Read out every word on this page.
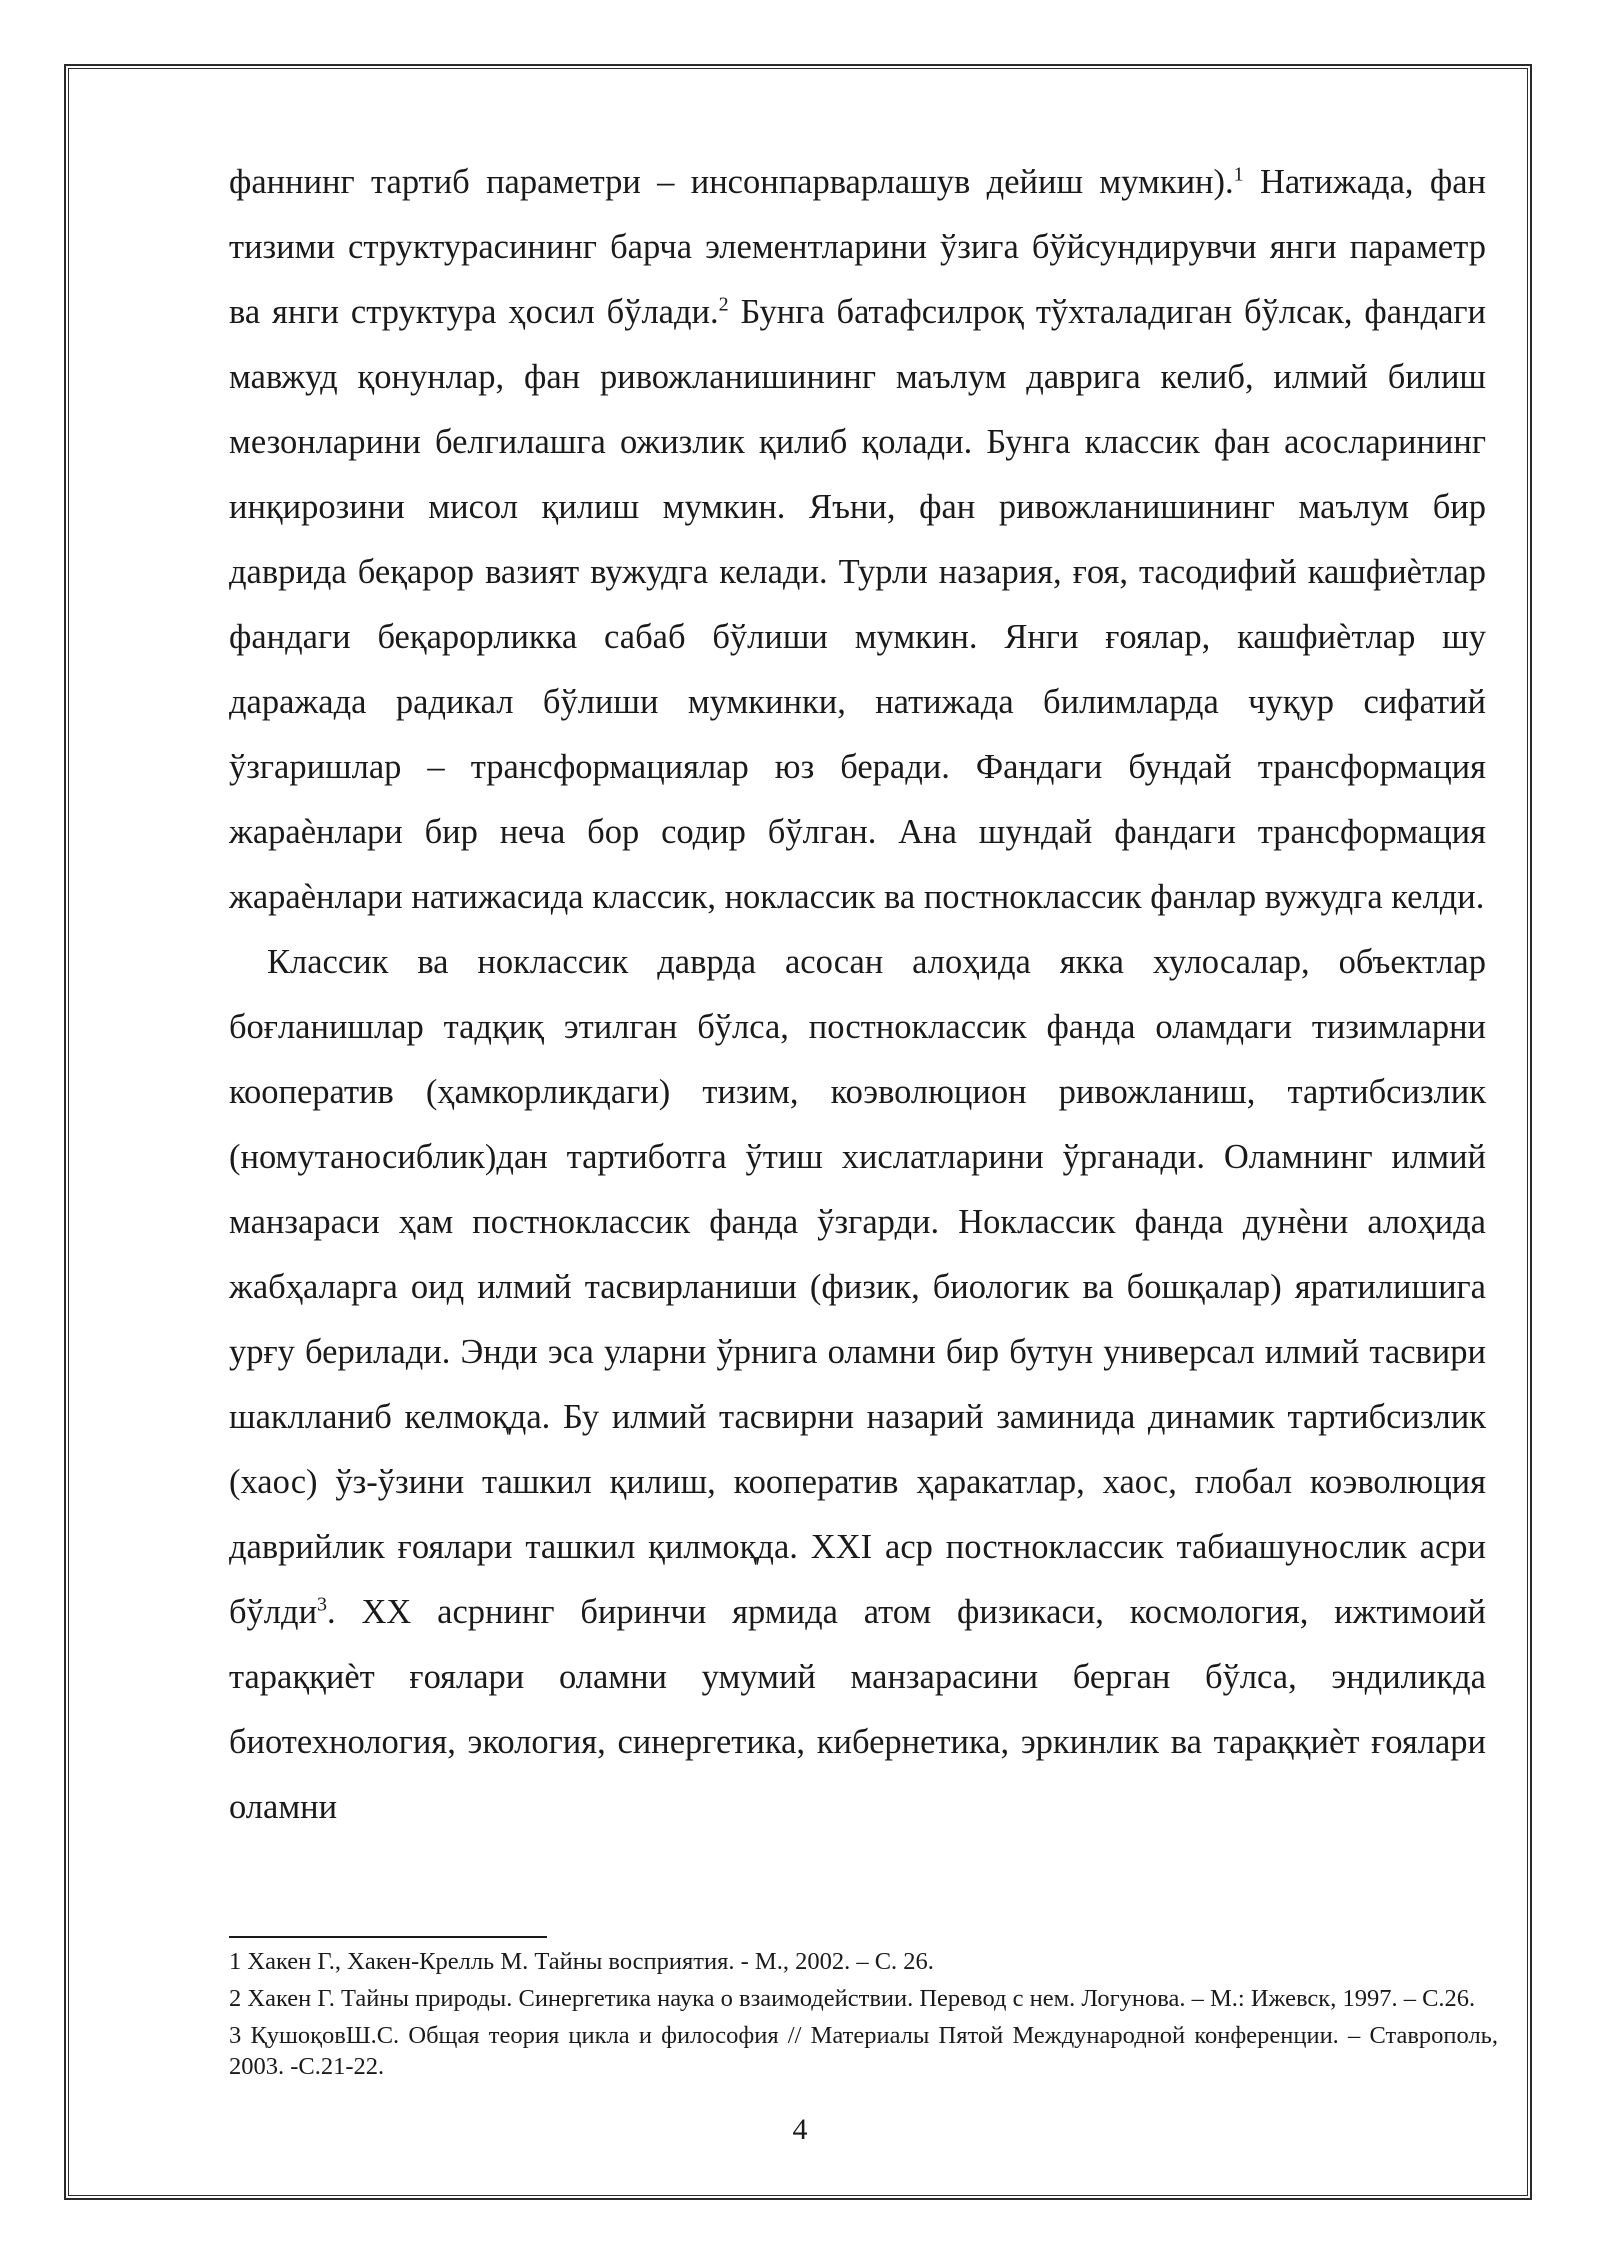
фаннинг тартиб параметри – инсонпарварлашув дейиш мумкин).$^1$ Натижада, фан тизими структурасининг барча элементларини ўзига бўйсундирувчи янги параметр ва янги структура ҳосил бўлади.$^2$ Бунга батафсилроқ тўхталадиган бўлсак, фандаги мавжуд қонунлар, фан ривожланишининг маълум даврига келиб, илмий билиш мезонларини белгилашга ожизлик қилиб қолади. Бунга классик фан асосларининг инқирозини мисол қилиш мумкин. Яъни, фан ривожланишининг маълум бир даврида беқарор вазият вужудга келади. Турли назария, ғоя, тасодифий кашфиѐтлар фандаги беқарорликка сабаб бўлиши мумкин. Янги ғоялар, кашфиѐтлар шу даражада радикал бўлиши мумкинки, натижада билимларда чуқур сифатий ўзгаришлар – трансформациялар юз беради. Фандаги бундай трансформация жараѐнлари бир неча бор содир бўлган. Ана шундай фандаги трансформация жараѐнлари натижасида классик, ноклассик ва постноклассик фанлар вужудга келди.

Классик ва ноклассик даврда асосан алоҳида якка хулосалар, объектлар боғланишлар тадқиқ этилган бўлса, постноклассик фанда оламдаги тизимларни кооператив (ҳамкорликдаги) тизим, коэволюцион ривожланиш, тартибсизлик (номутаносиблик)дан тартиботга ўтиш хислатларини ўрганади. Оламнинг илмий манзараси ҳам постноклассик фанда ўзгарди. Ноклассик фанда дунѐни алоҳида жабҳаларга оид илмий тасвирланиши (физик, биологик ва бошқалар) яратилишига урғу берилади. Энди эса уларни ўрнига оламни бир бутун универсал илмий тасвири шаклланиб келмоқда. Бу илмий тасвирни назарий заминида динамик тартибсизлик (хаос) ўз-ўзини ташкил қилиш, кооператив ҳаракатлар, хаос, глобал коэволюция даврийлик ғоялари ташкил қилмоқда. XXI аср постноклассик табиашунослик асри бўлди$^3$. XX асрнинг биринчи ярмида атом физикаси, космология, ижтимоий тараққиѐт ғоялари оламни умумий манзарасини берган бўлса, эндиликда биотехнология, экология, синергетика, кибернетика, эркинлик ва тараққиѐт ғоялари оламни

1 Хакен Г., Хакен-Крелль М. Тайны восприятия. - М., 2002. – С. 26.

2 Хакен Г. Тайны природы. Синергетика наука о взаимодействии. Перевод с нем. Логунова. – М.: Ижевск, 1997. – С.26.

3 ҚушоқовШ.С. Общая теория цикла и философия // Материалы Пятой Международной конференции. – Ставрополь, 2003. -С.21-22.

4
